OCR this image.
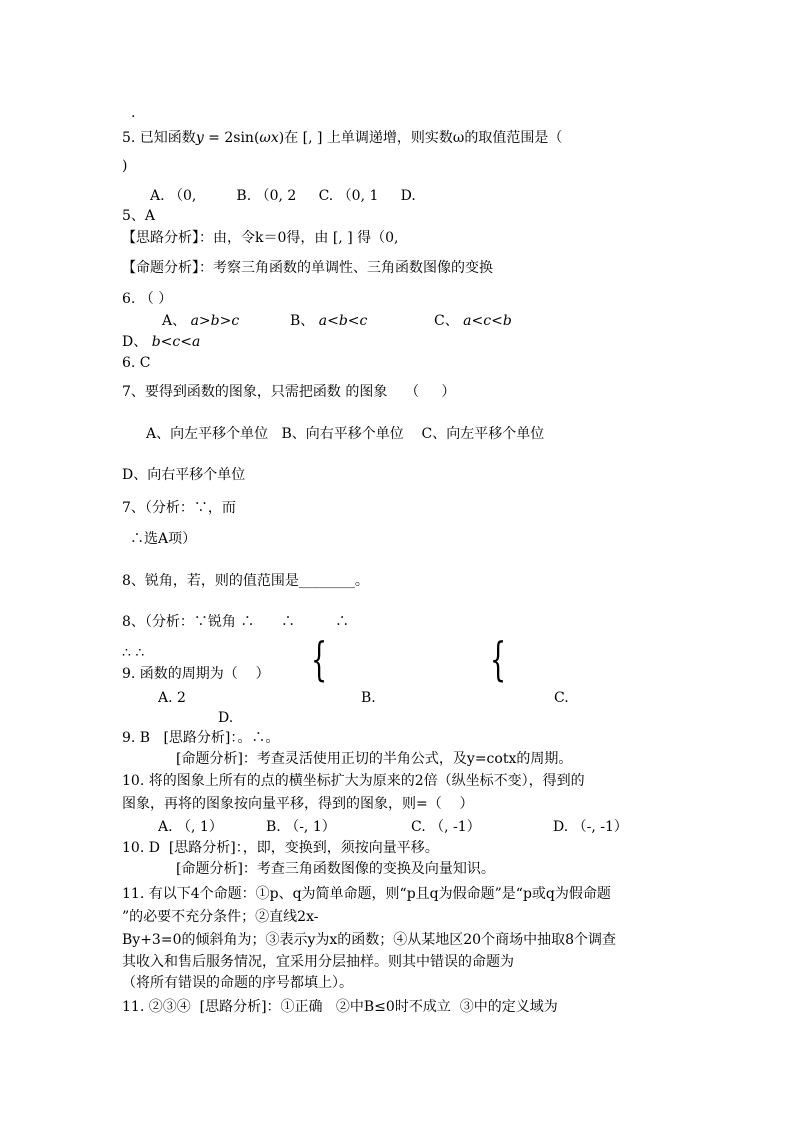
.
5. 已知函数y = 2sin(ωx)在 [, ] 上单调递增，则实数ω的取值范围是（
)
A. （0,         B. （0, 2     C. （0, 1     D.
5、A
【思路分析】：由，令k＝0得，由 [, ] 得（0,
【命题分析】：考察三角函数的单调性、三角函数图像的变换
6. （ ）
A、 a>b>c	B、 a<b<c	C、 a<c<b
D、 b<c<a
6. C
7、要得到函数的图象，只需把函数 的图象    （     ）
A、向左平移个单位   B、向右平移个单位    C、向左平移个单位
D、向右平移个单位
7、（分析：∵，而
∴选A项）
8、锐角，若，则的值范围是________。
8、（分析：∵锐角 ∴      ∴         ∴
∴ ∴	{	{
9. 函数的周期为（    ）
A. 2	B.	C.
D.
9. B   [思路分析]：。∴。
[命题分析]：考查灵活使用正切的半角公式，及y=cotx的周期。
10. 将的图象上所有的点的横坐标扩大为原来的2倍（纵坐标不变），得到的
图象，再将的图象按向量平移，得到的图象，则=（    ）
A. （, 1）	B. （-, 1）	C. （, -1）	D. （-, -1）
10. D  [思路分析]：，即，变换到，须按向量平移。
[命题分析]：考查三角函数图像的变换及向量知识。
11. 有以下4个命题：①p、q为简单命题，则“p且q为假命题”是“p或q为假命题
”的必要不充分条件；②直线2x-
By+3=0的倾斜角为；③表示y为x的函数；④从某地区20个商场中抽取8个调查
其收入和售后服务情况，宜采用分层抽样。则其中错误的命题为
（将所有错误的命题的序号都填上）。
11. ②③④  [思路分析]：①正确   ②中B≤0时不成立  ③中的定义域为
